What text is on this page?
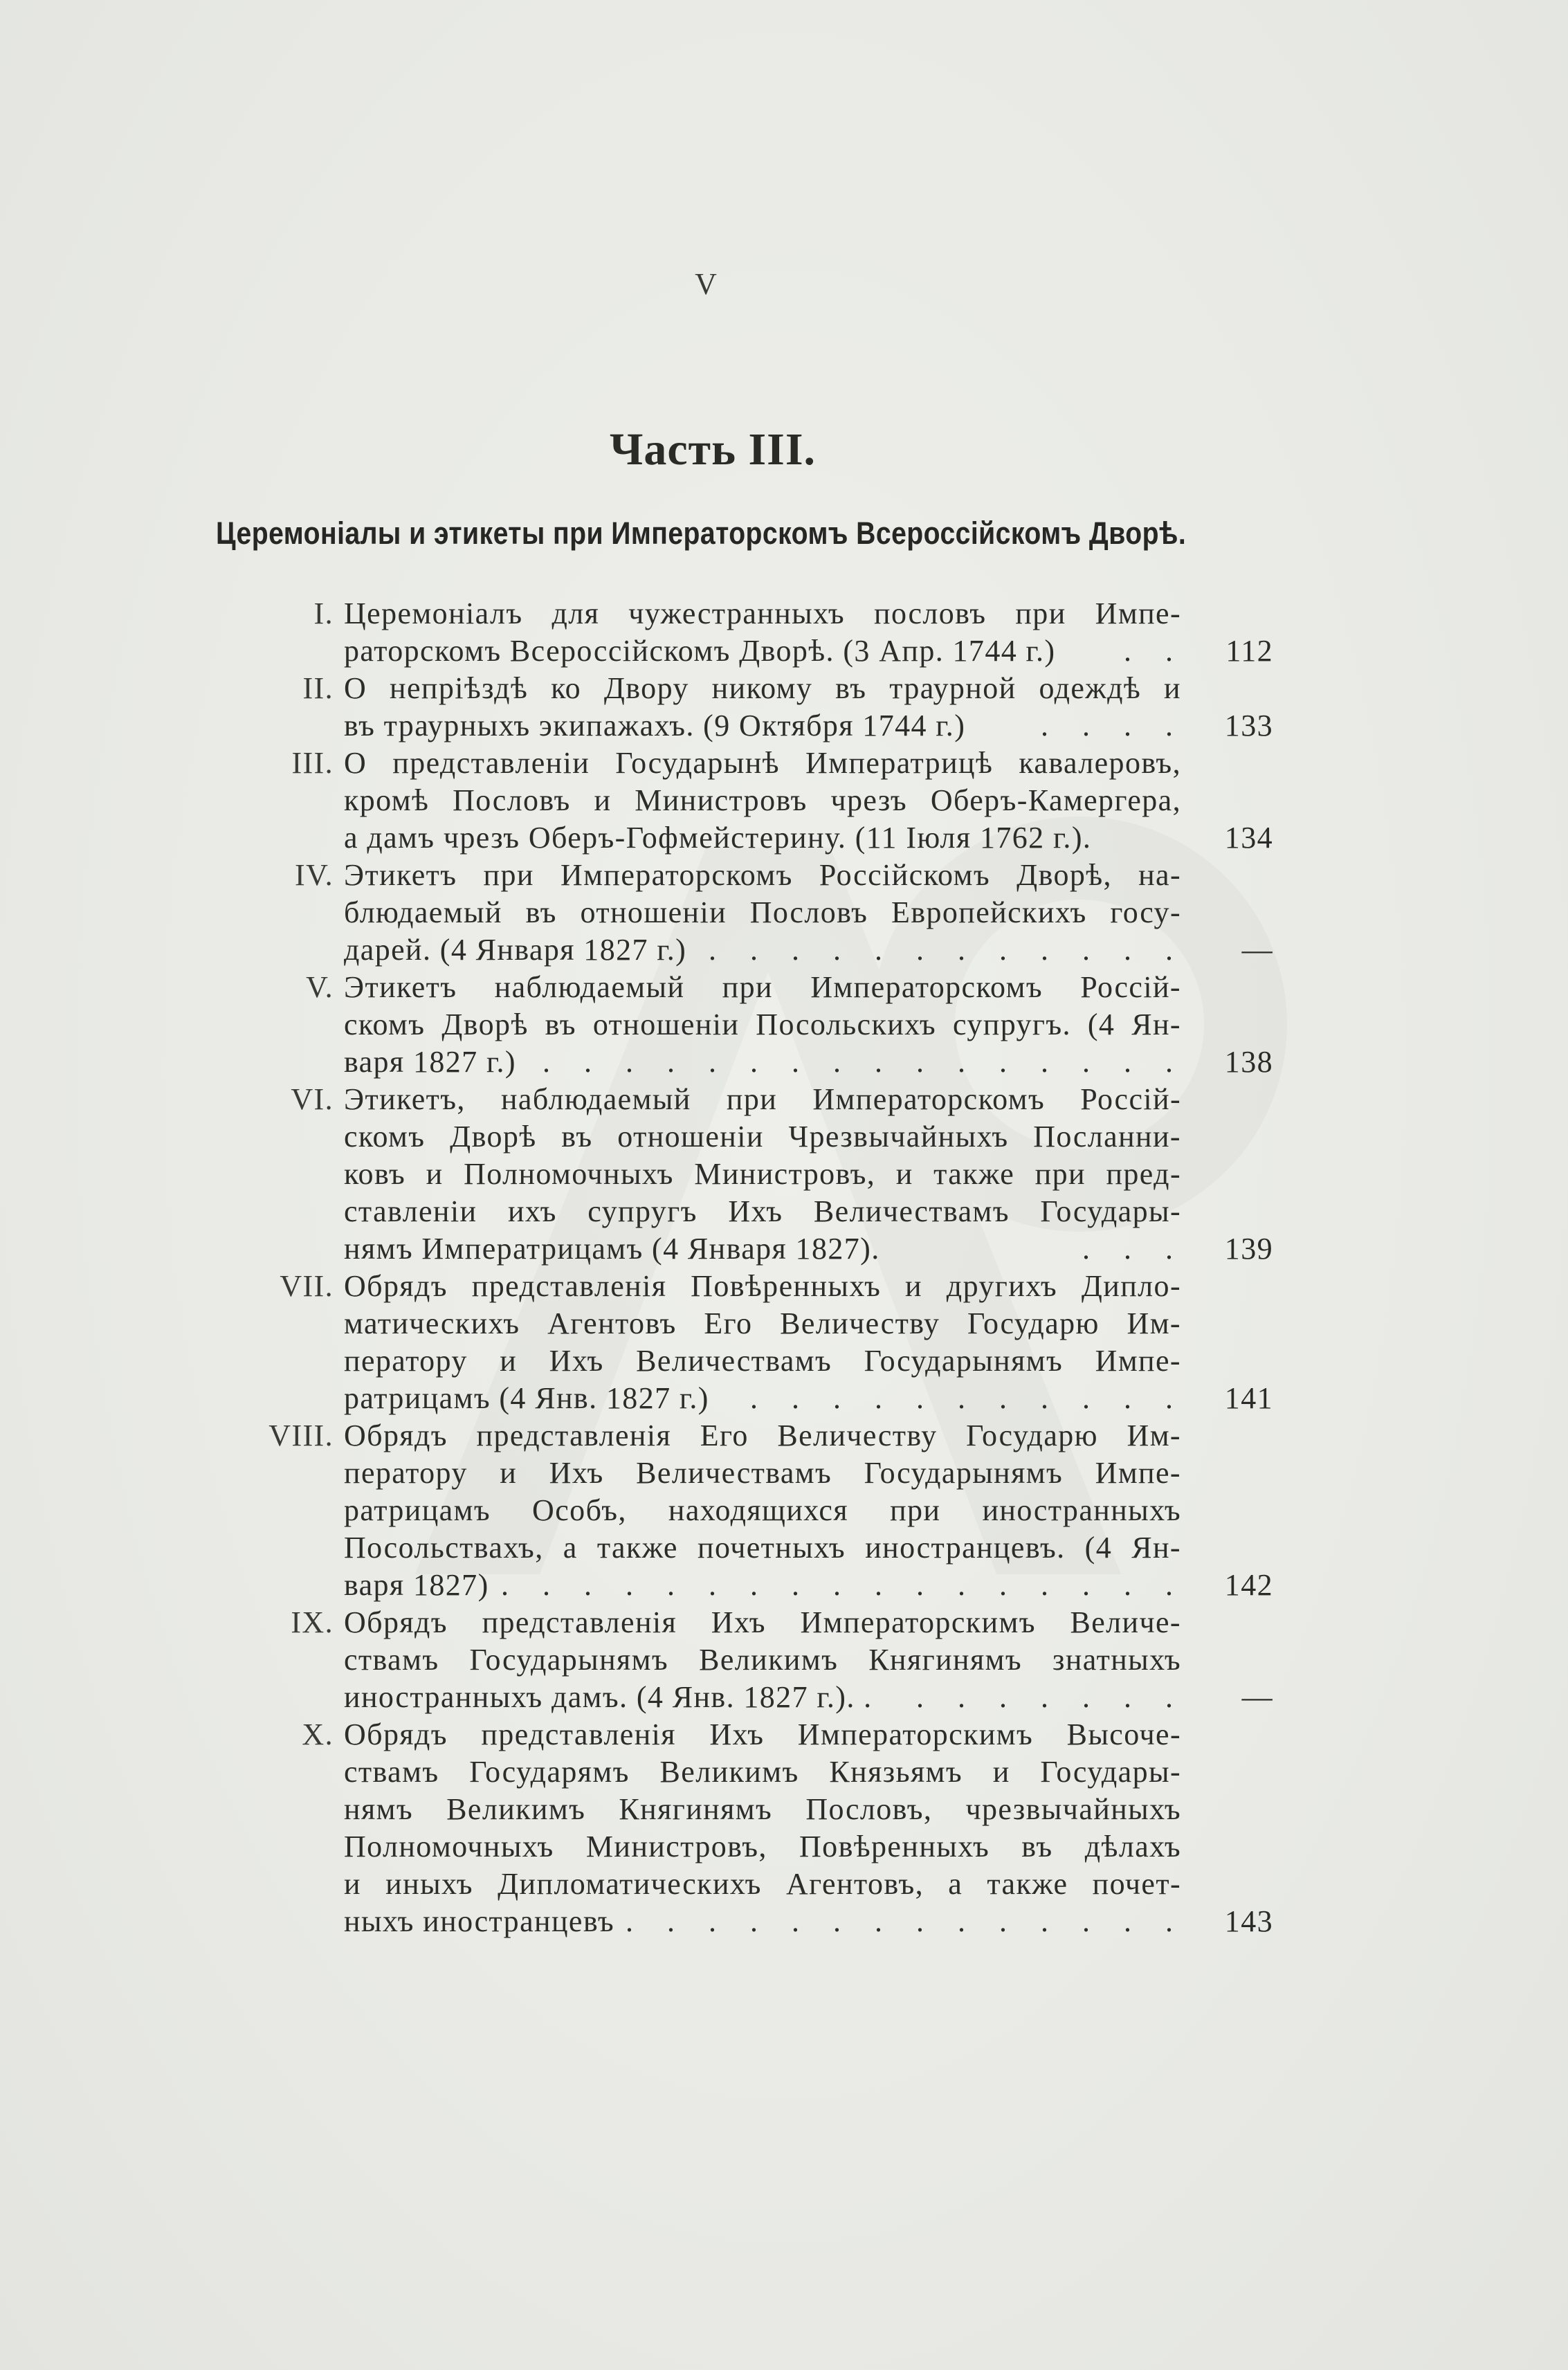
V
Часть III.
Церемоніалы и этикеты при Императорскомъ Всероссійскомъ Дворѣ.
I. Церемоніалъ для чужестранныхъ пословъ при Импе-
раторскомъ Всероссійскомъ Дворѣ. (3 Апр. 1744 г.) . . 112
II. О непріѣздѣ ко Двору никому въ траурной одеждѣ и
въ траурныхъ экипажахъ. (9 Октября 1744 г.) . . . . 133
III. О представленіи Государынѣ Императрицѣ кавалеровъ,
кромѣ Пословъ и Министровъ чрезъ Оберъ-Камергера,
а дамъ чрезъ Оберъ-Гофмейстерину. (11 Іюля 1762 г.).	134
IV. Этикетъ при Императорскомъ Россійскомъ Дворѣ, на-
блюдаемый въ отношеніи Пословъ Европейскихъ госу-
дарей. (4 Января 1827 г.) . . . . . . . . . . . . —
V. Этикетъ наблюдаемый при Императорскомъ Россій-
скомъ Дворѣ въ отношеніи Посольскихъ супругъ. (4 Ян-
варя 1827 г.) . . . . . . . . . . . . . . . . 138
VI. Этикетъ, наблюдаемый при Императорскомъ Россій-
скомъ Дворѣ въ отношеніи Чрезвычайныхъ Посланни-
ковъ и Полномочныхъ Министровъ, и также при пред-
ставленіи ихъ супругъ Ихъ Величествамъ Государы-
нямъ Императрицамъ (4 Января 1827).	. . . 139
VII. Обрядъ представленія Повѣренныхъ и другихъ Дипло-
матическихъ Агентовъ Его Величеству Государю Им-
ператору и Ихъ Величествамъ Государынямъ Импе-
ратрицамъ (4 Янв. 1827 г.) . . . . . . . . . . . 141
VIII. Обрядъ представленія Его Величеству Государю Им-
ператору и Ихъ Величествамъ Государынямъ Импе-
ратрицамъ Особъ, находящихся при иностранныхъ
Посольствахъ, а также почетныхъ иностранцевъ. (4 Ян-
варя 1827) . . . . . . . . . . . . . . . . . 142
IX. Обрядъ представленія Ихъ Императорскимъ Величе-
ствамъ Государынямъ Великимъ Княгинямъ знатныхъ
иностранныхъ дамъ. (4 Янв. 1827 г.). . . . . . . . . —
X. Обрядъ представленія Ихъ Императорскимъ Высоче-
ствамъ Государямъ Великимъ Князьямъ и Государы-
нямъ Великимъ Княгинямъ Пословъ, чрезвычайныхъ
Полномочныхъ Министровъ, Повѣренныхъ въ дѣлахъ
и иныхъ Дипломатическихъ Агентовъ, а также почет-
ныхъ иностранцевъ . . . . . . . . . . . . . . 143
